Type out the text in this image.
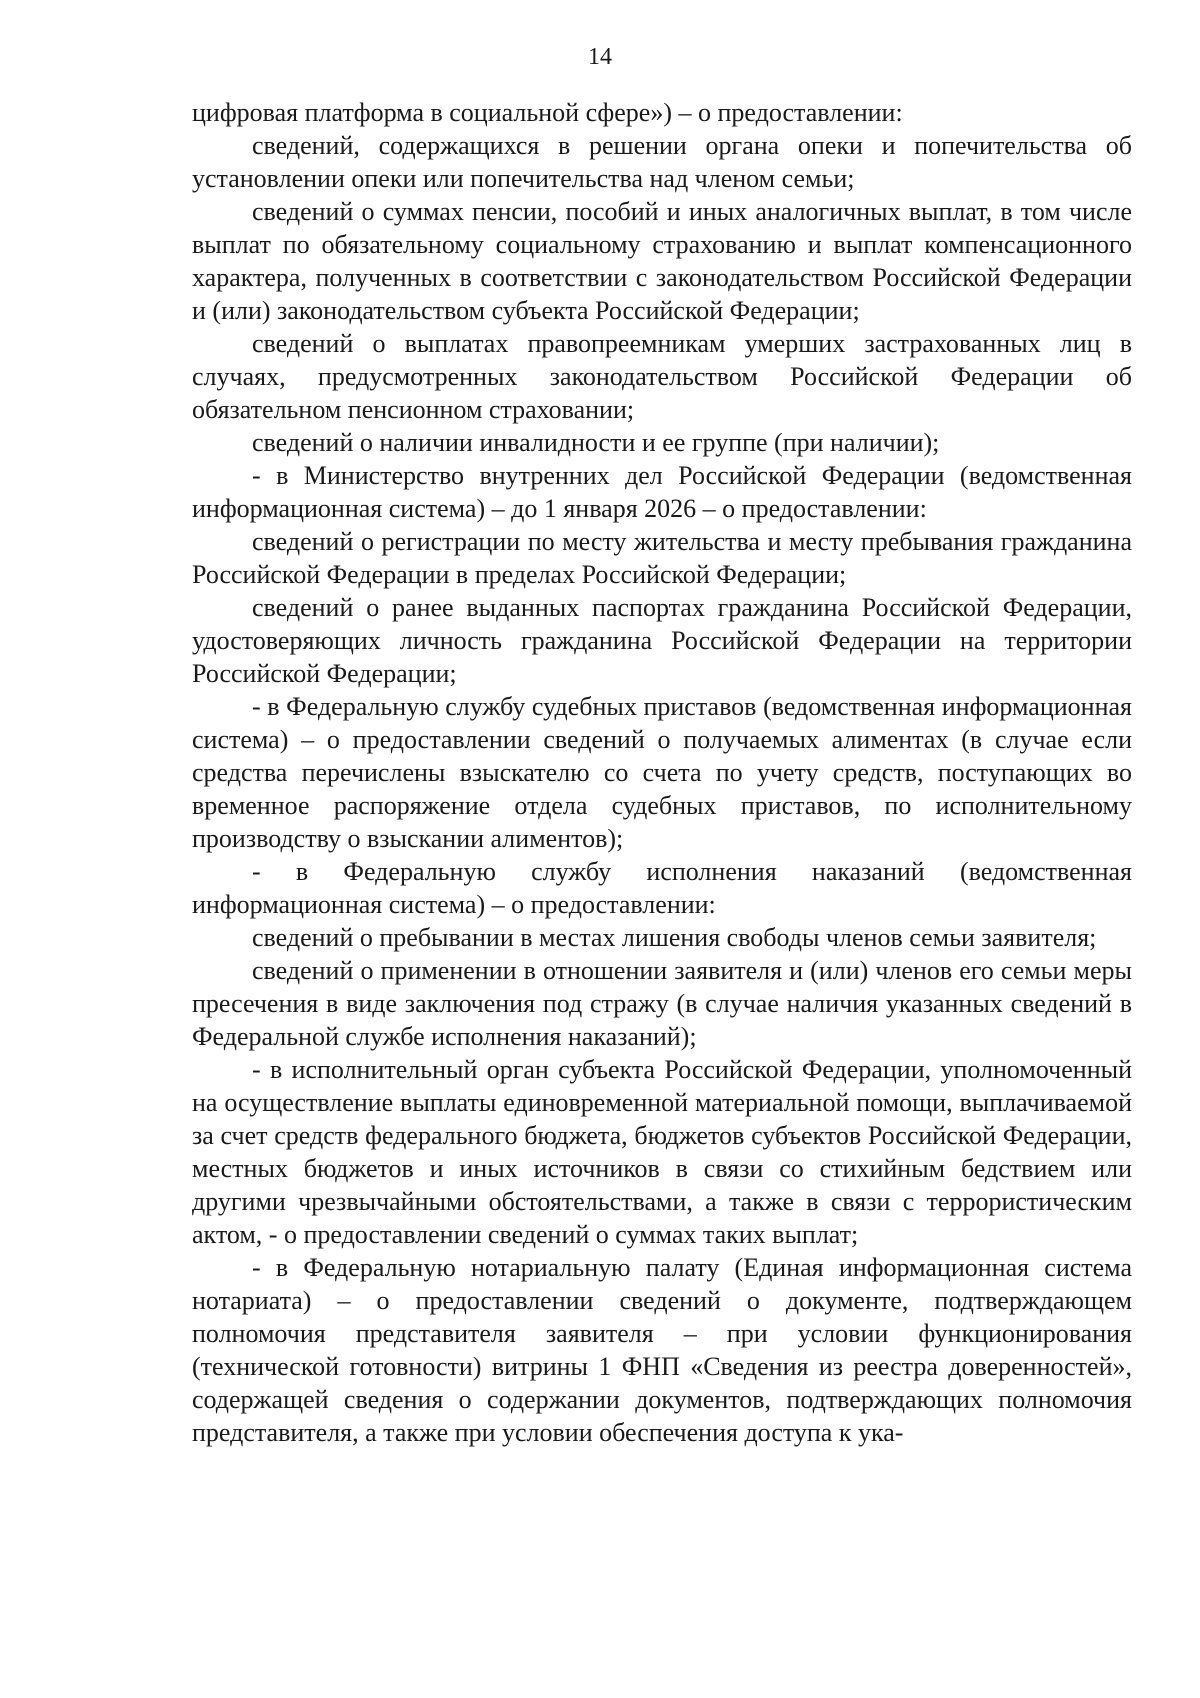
14

цифровая платформа в социальной сфере») – о предоставлении:

сведений, содержащихся в решении органа опеки и попечительства об установлении опеки или попечительства над членом семьи;

сведений о суммах пенсии, пособий и иных аналогичных выплат, в том числе выплат по обязательному социальному страхованию и выплат компенсационного характера, полученных в соответствии с законодательством Российской Федерации и (или) законодательством субъекта Российской Федерации;

сведений о выплатах правопреемникам умерших застрахованных лиц в случаях, предусмотренных законодательством Российской Федерации об обязательном пенсионном страховании;

сведений о наличии инвалидности и ее группе (при наличии);

- в Министерство внутренних дел Российской Федерации (ведомственная информационная система) – до 1 января 2026 – о предоставлении:

сведений о регистрации по месту жительства и месту пребывания гражданина Российской Федерации в пределах Российской Федерации;

сведений о ранее выданных паспортах гражданина Российской Федерации, удостоверяющих личность гражданина Российской Федерации на территории Российской Федерации;

- в Федеральную службу судебных приставов (ведомственная информационная система) – о предоставлении сведений о получаемых алиментах (в случае если средства перечислены взыскателю со счета по учету средств, поступающих во временное распоряжение отдела судебных приставов, по исполнительному производству о взыскании алиментов);

- в Федеральную службу исполнения наказаний (ведомственная информационная система) – о предоставлении:

сведений о пребывании в местах лишения свободы членов семьи заявителя;

сведений о применении в отношении заявителя и (или) членов его семьи меры пресечения в виде заключения под стражу (в случае наличия указанных сведений в Федеральной службе исполнения наказаний);

- в исполнительный орган субъекта Российской Федерации, уполномоченный на осуществление выплаты единовременной материальной помощи, выплачиваемой за счет средств федерального бюджета, бюджетов субъектов Российской Федерации, местных бюджетов и иных источников в связи со стихийным бедствием или другими чрезвычайными обстоятельствами, а также в связи с террористическим актом, - о предоставлении сведений о суммах таких выплат;

- в Федеральную нотариальную палату (Единая информационная система нотариата) – о предоставлении сведений о документе, подтверждающем полномочия представителя заявителя – при условии функционирования (технической готовности) витрины 1 ФНП «Сведения из реестра доверенностей», содержащей сведения о содержании документов, подтверждающих полномочия представителя, а также при условии обеспечения доступа к ука-
